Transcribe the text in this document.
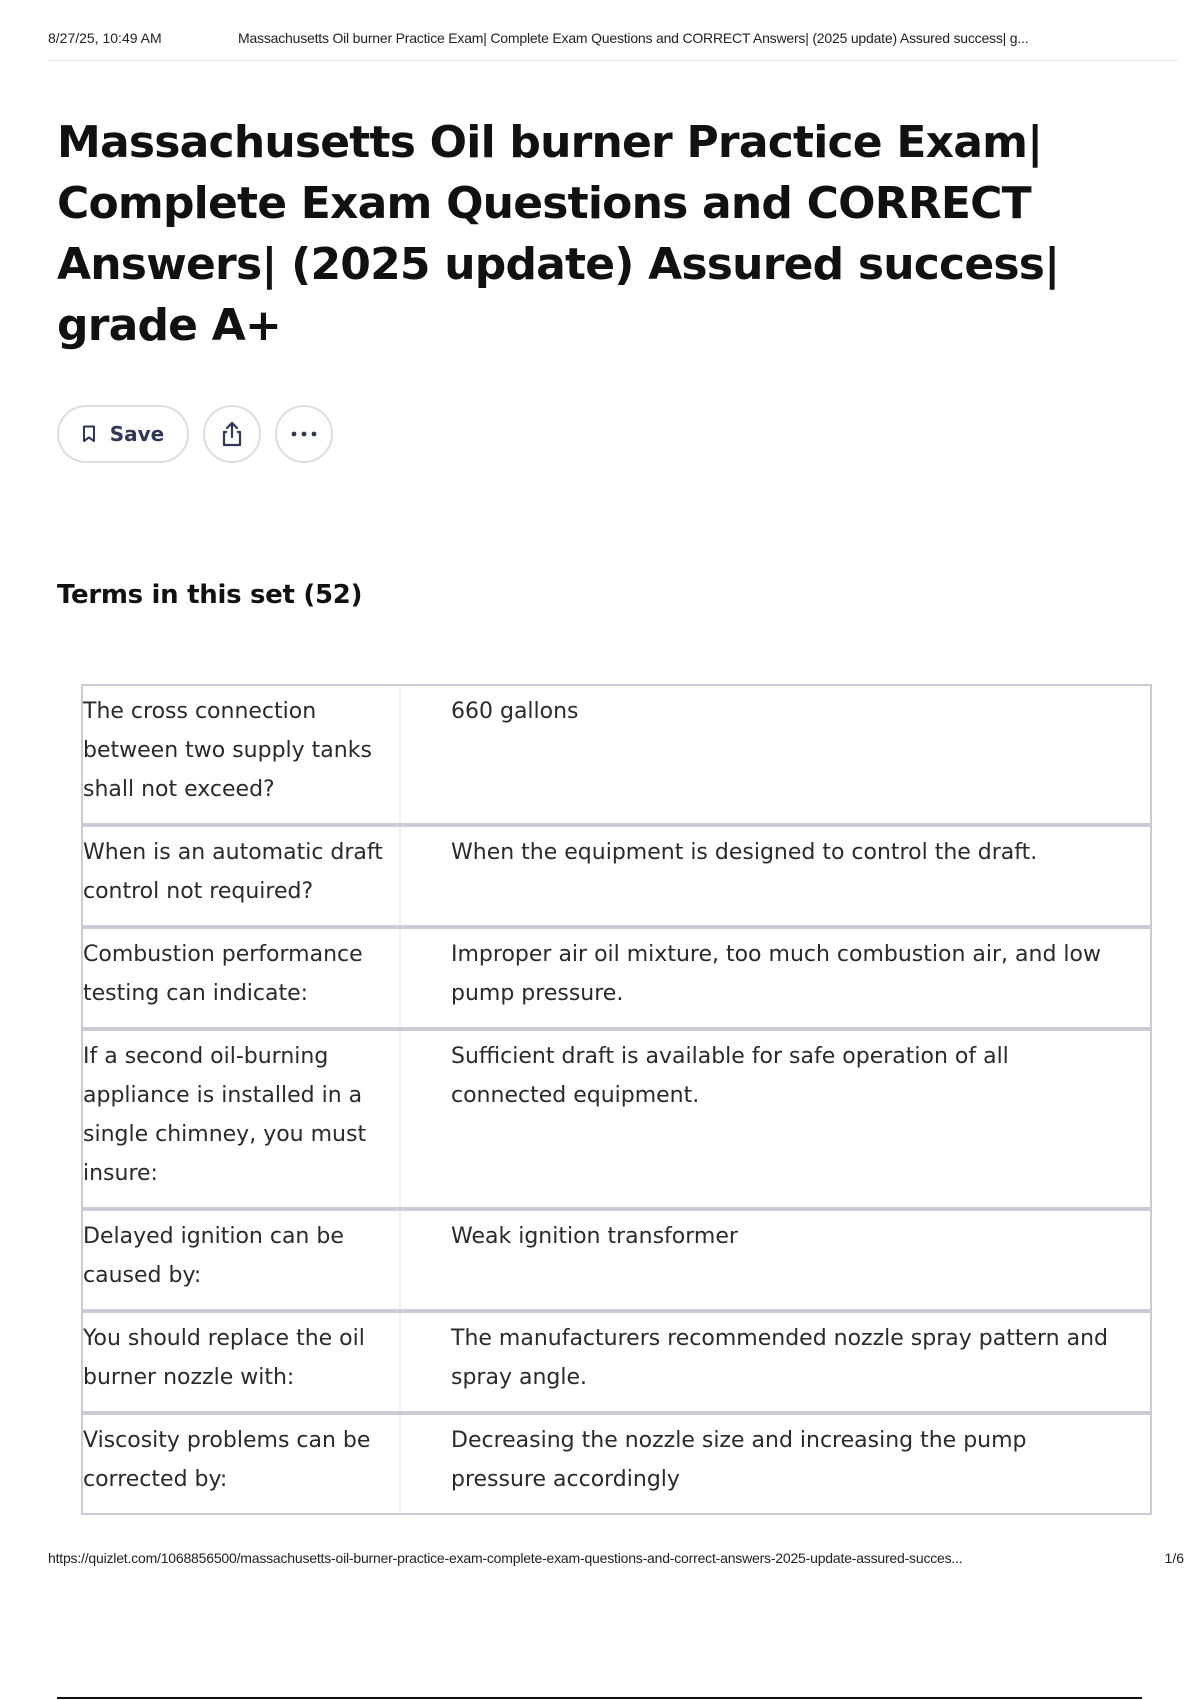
8/27/25, 10:49 AM	Massachusetts Oil burner Practice Exam| Complete Exam Questions and CORRECT Answers| (2025 update) Assured success| g...
Massachusetts Oil burner Practice Exam| Complete Exam Questions and CORRECT Answers| (2025 update) Assured success| grade A+
Save
Terms in this set (52)
The cross connection between two supply tanks shall not exceed?
660 gallons
When is an automatic draft control not required?
When the equipment is designed to control the draft.
Combustion performance testing can indicate:
Improper air oil mixture, too much combustion air, and low pump pressure.
If a second oil-burning appliance is installed in a single chimney, you must insure:
Sufficient draft is available for safe operation of all connected equipment.
Delayed ignition can be caused by:
Weak ignition transformer
You should replace the oil burner nozzle with:
The manufacturers recommended nozzle spray pattern and spray angle.
Viscosity problems can be corrected by:
Decreasing the nozzle size and increasing the pump pressure accordingly
https://quizlet.com/1068856500/massachusetts-oil-burner-practice-exam-complete-exam-questions-and-correct-answers-2025-update-assured-succes...	1/6
